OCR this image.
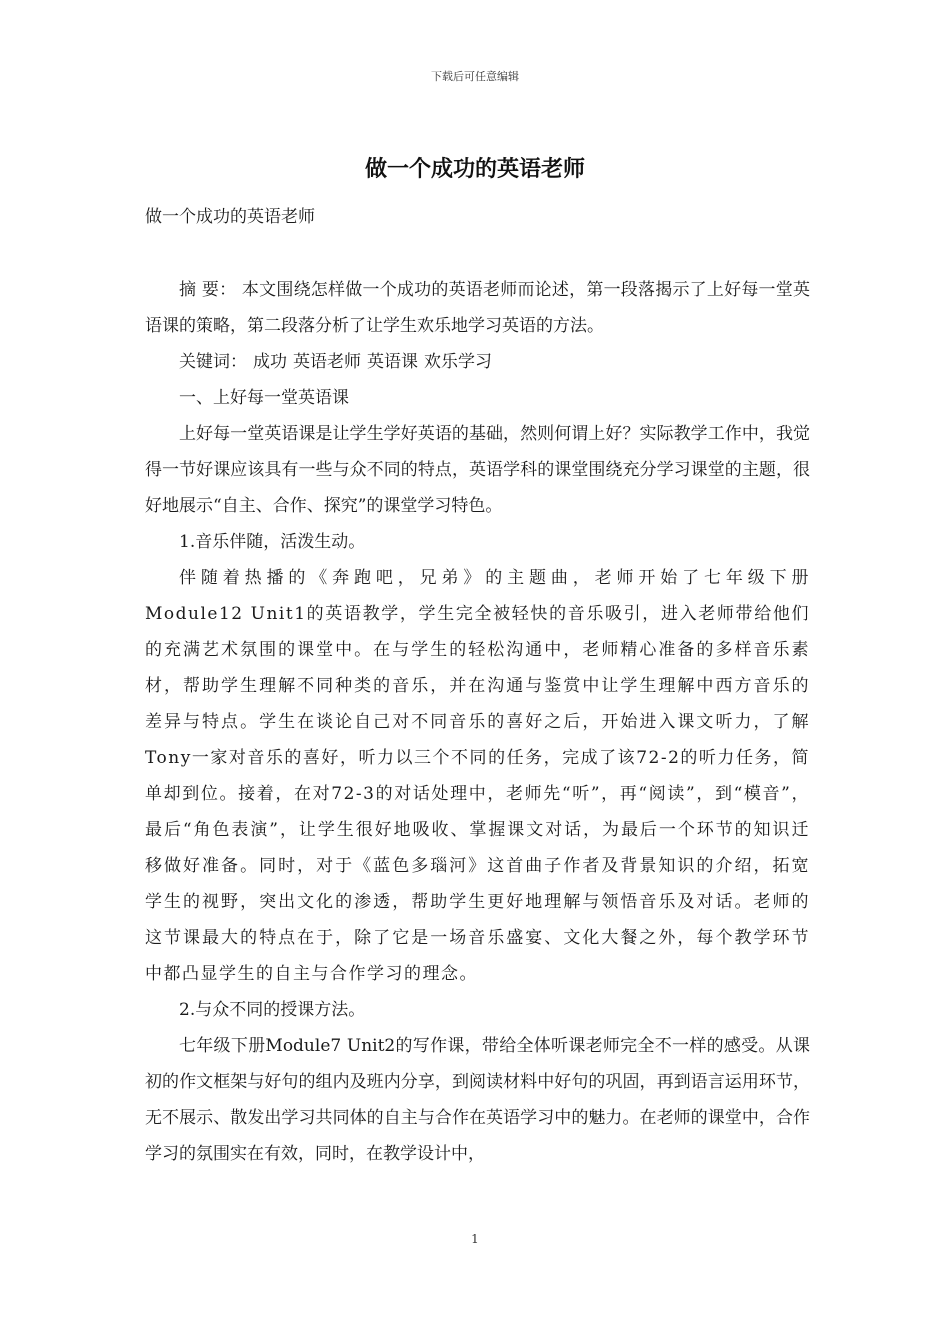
下载后可任意编辑
做一个成功的英语老师
做一个成功的英语老师

摘 要： 本文围绕怎样做一个成功的英语老师而论述，第一段落揭示了上好每一堂英语课的策略，第二段落分析了让学生欢乐地学习英语的方法。

关键词： 成功 英语老师 英语课 欢乐学习

一、上好每一堂英语课

上好每一堂英语课是让学生学好英语的基础，然则何谓上好？实际教学工作中，我觉得一节好课应该具有一些与众不同的特点，英语学科的课堂围绕充分学习课堂的主题，很好地展示“自主、合作、探究”的课堂学习特色。

1.音乐伴随，活泼生动。

伴随着热播的《奔跑吧，兄弟》的主题曲，老师开始了七年级下册Module12 Unit1的英语教学，学生完全被轻快的音乐吸引，进入老师带给他们的充满艺术氛围的课堂中。在与学生的轻松沟通中，老师精心准备的多样音乐素材，帮助学生理解不同种类的音乐，并在沟通与鉴赏中让学生理解中西方音乐的差异与特点。学生在谈论自己对不同音乐的喜好之后，开始进入课文听力，了解Tony一家对音乐的喜好，听力以三个不同的任务，完成了该72-2的听力任务，简单却到位。接着，在对72-3的对话处理中，老师先“听”，再“阅读”，到“模音”，最后“角色表演”，让学生很好地吸收、掌握课文对话，为最后一个环节的知识迁移做好准备。同时，对于《蓝色多瑙河》这首曲子作者及背景知识的介绍，拓宽学生的视野，突出文化的渗透，帮助学生更好地理解与领悟音乐及对话。老师的这节课最大的特点在于，除了它是一场音乐盛宴、文化大餐之外，每个教学环节中都凸显学生的自主与合作学习的理念。

2.与众不同的授课方法。

七年级下册Module7 Unit2的写作课，带给全体听课老师完全不一样的感受。从课初的作文框架与好句的组内及班内分享，到阅读材料中好句的巩固，再到语言运用环节，无不展示、散发出学习共同体的自主与合作在英语学习中的魅力。在老师的课堂中，合作学习的氛围实在有效，同时，在教学设计中，

1
